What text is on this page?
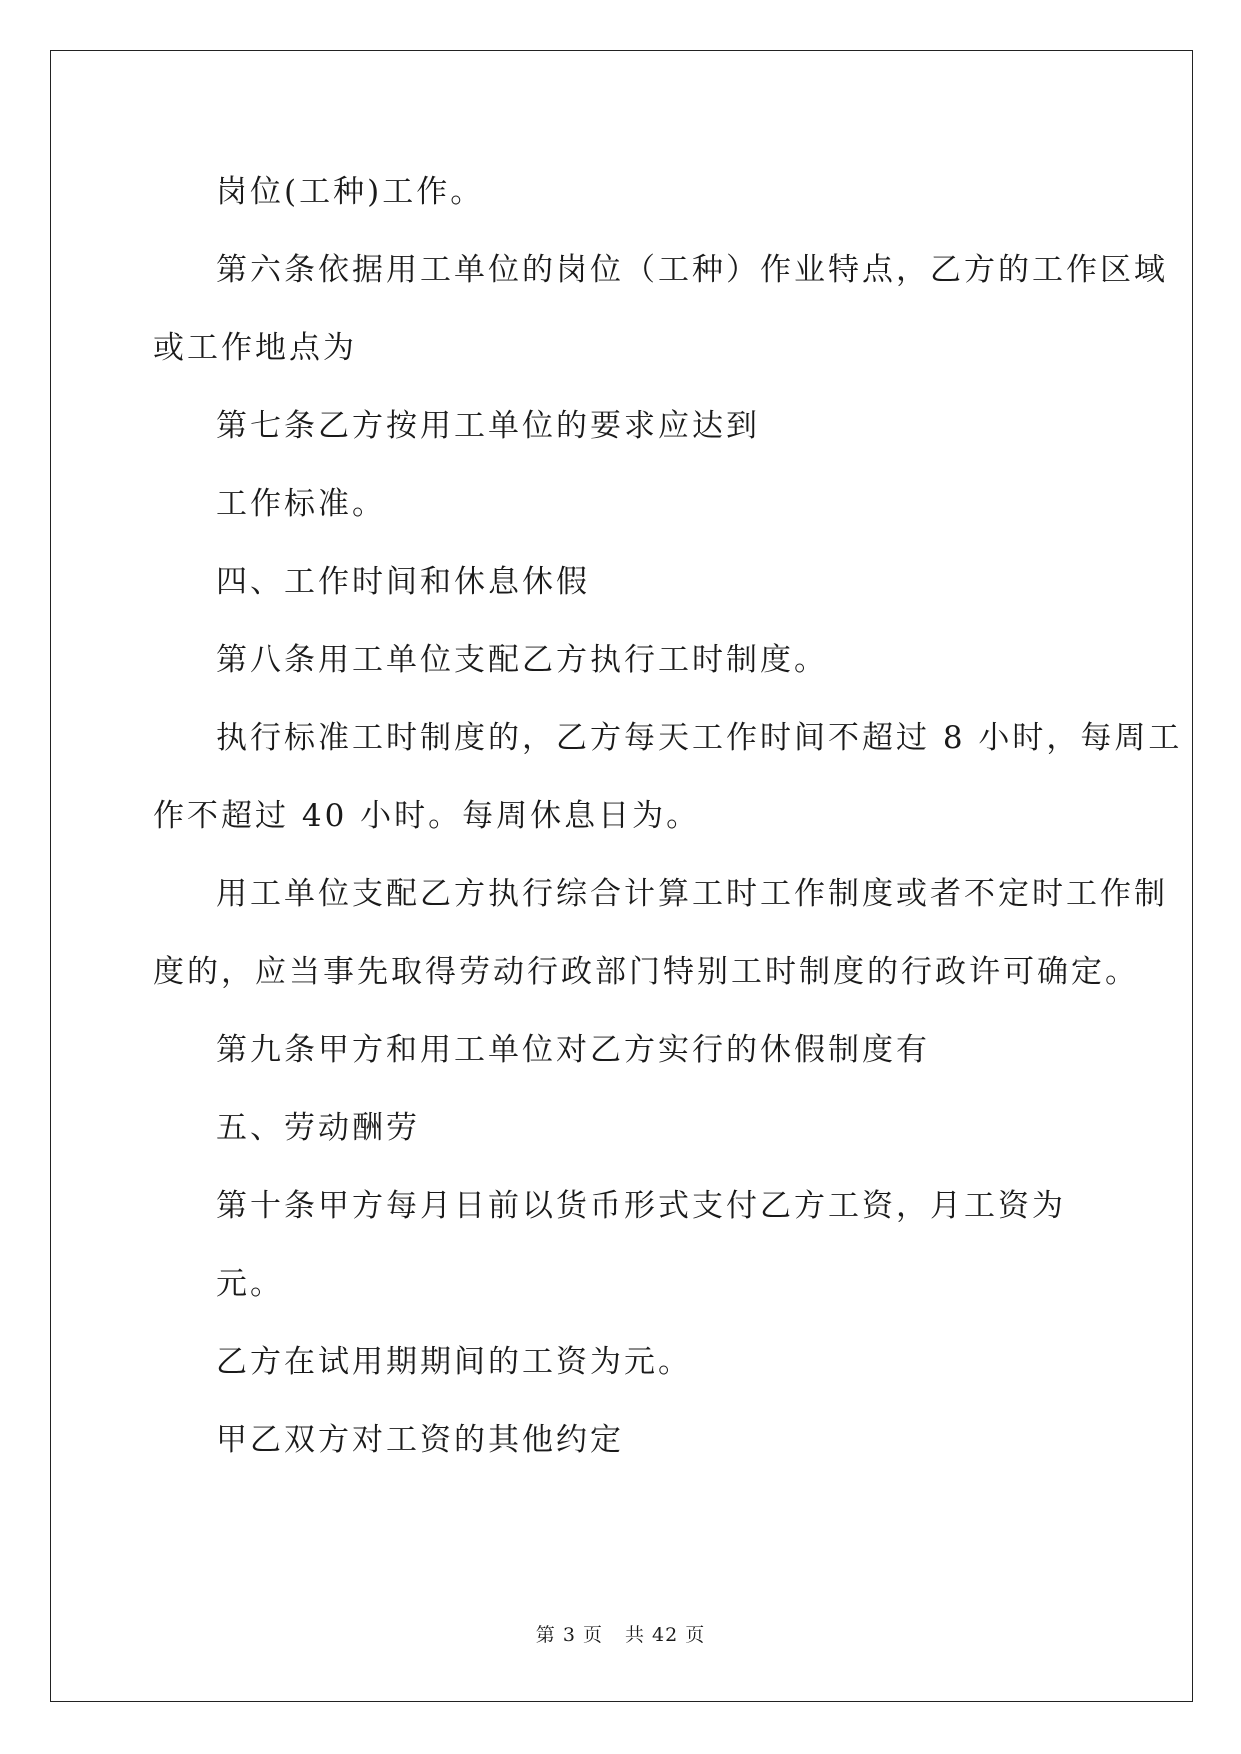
岗位(工种)工作。
第六条依据用工单位的岗位（工种）作业特点，乙方的工作区域
或工作地点为
第七条乙方按用工单位的要求应达到
工作标准。
四、工作时间和休息休假
第八条用工单位支配乙方执行工时制度。
执行标准工时制度的，乙方每天工作时间不超过 8 小时，每周工
作不超过 40 小时。每周休息日为。
用工单位支配乙方执行综合计算工时工作制度或者不定时工作制
度的，应当事先取得劳动行政部门特别工时制度的行政许可确定。
第九条甲方和用工单位对乙方实行的休假制度有
五、劳动酬劳
第十条甲方每月日前以货币形式支付乙方工资，月工资为
元。
乙方在试用期期间的工资为元。
甲乙双方对工资的其他约定
第 3 页 共 42 页
